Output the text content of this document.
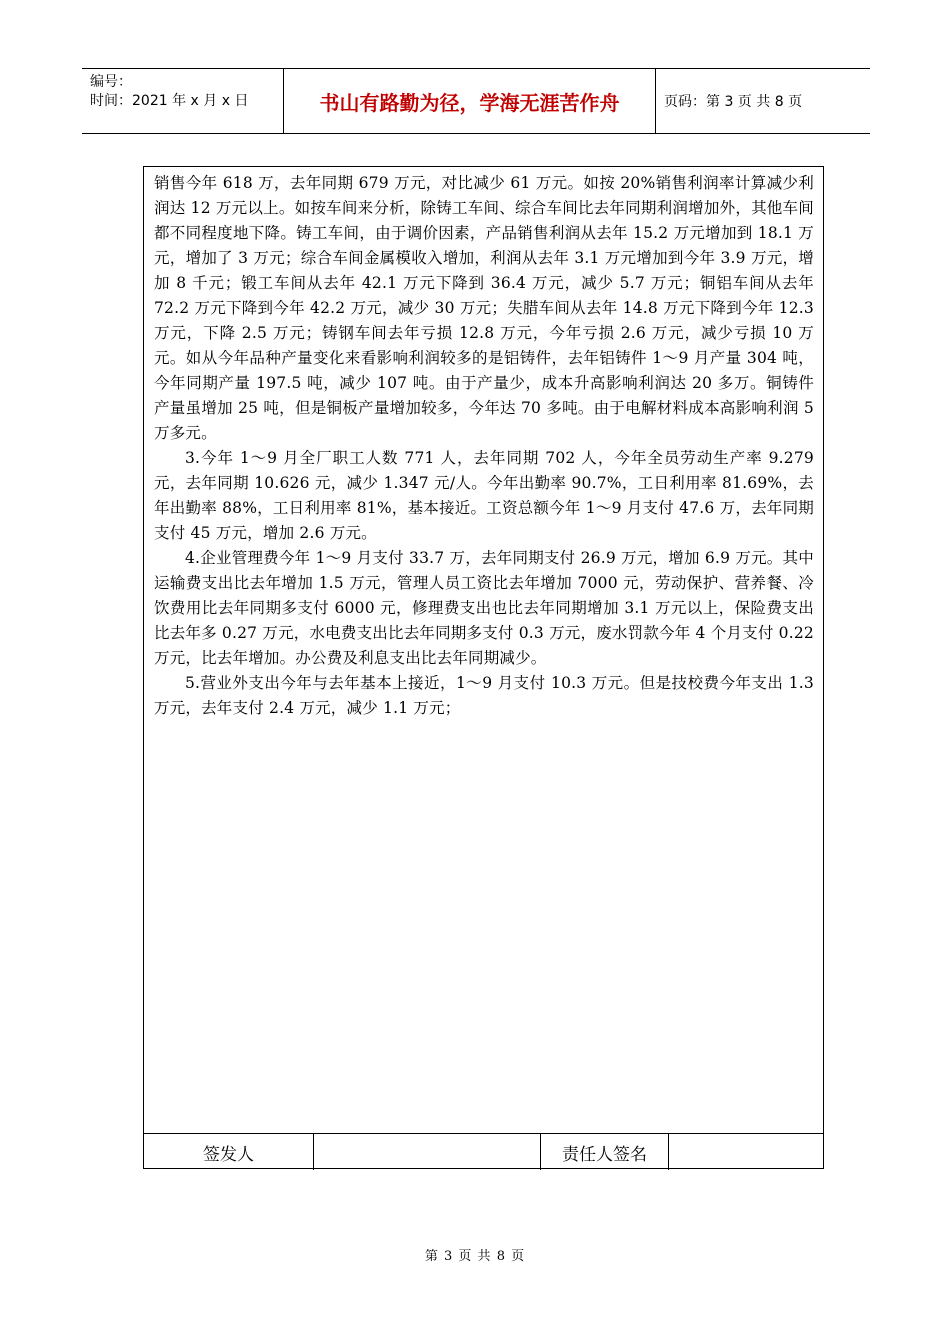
编号：
时间：2021 年 x 月 x 日	书山有路勤为径，学海无涯苦作舟	页码：第 3 页 共 8 页

销售今年 618 万，去年同期 679 万元，对比减少 61 万元。如按 20%销售利润率计算减少利润达 12 万元以上。如按车间来分析，除铸工车间、综合车间比去年同期利润增加外，其他车间都不同程度地下降。铸工车间，由于调价因素，产品销售利润从去年 15.2 万元增加到 18.1 万元，增加了 3 万元；综合车间金属模收入增加，利润从去年 3.1 万元增加到今年 3.9 万元，增加 8 千元；锻工车间从去年 42.1 万元下降到 36.4 万元，减少 5.7 万元；铜铝车间从去年 72.2 万元下降到今年 42.2 万元，减少 30 万元；失腊车间从去年 14.8 万元下降到今年 12.3 万元，下降 2.5 万元；铸钢车间去年亏损 12.8 万元，今年亏损 2.6 万元，减少亏损 10 万元。如从今年品种产量变化来看影响利润较多的是铝铸件，去年铝铸件 1～9 月产量 304 吨，今年同期产量 197.5 吨，减少 107 吨。由于产量少，成本升高影响利润达 20 多万。铜铸件产量虽增加 25 吨，但是铜板产量增加较多，今年达 70 多吨。由于电解材料成本高影响利润 5 万多元。

3.今年 1～9 月全厂职工人数 771 人，去年同期 702 人，今年全员劳动生产率 9.279 元，去年同期 10.626 元，减少 1.347 元/人。今年出勤率 90.7%，工日利用率 81.69%，去年出勤率 88%，工日利用率 81%，基本接近。工资总额今年 1～9 月支付 47.6 万，去年同期支付 45 万元，增加 2.6 万元。

4.企业管理费今年 1～9 月支付 33.7 万，去年同期支付 26.9 万元，增加 6.9 万元。其中运输费支出比去年增加 1.5 万元，管理人员工资比去年增加 7000 元，劳动保护、营养餐、冷饮费用比去年同期多支付 6000 元，修理费支出也比去年同期增加 3.1 万元以上，保险费支出比去年多 0.27 万元，水电费支出比去年同期多支付 0.3 万元，废水罚款今年 4 个月支付 0.22 万元，比去年增加。办公费及利息支出比去年同期减少。

5.营业外支出今年与去年基本上接近，1～9 月支付 10.3 万元。但是技校费今年支出 1.3 万元，去年支付 2.4 万元，减少 1.1 万元；

签发人	责任人签名
第 3 页 共 8 页
